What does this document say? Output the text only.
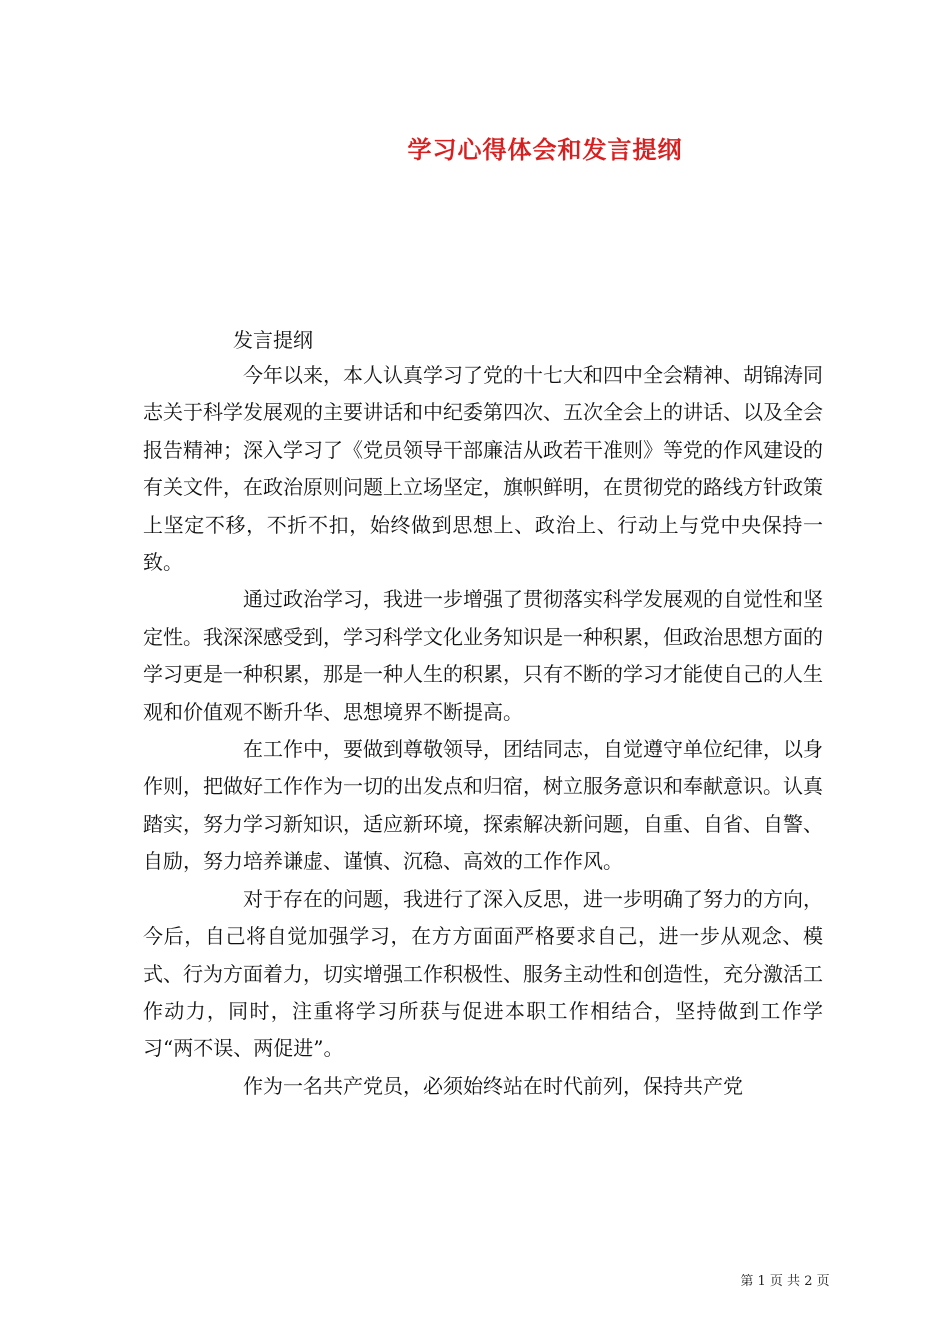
学习心得体会和发言提纲
发言提纲

今年以来，本人认真学习了党的十七大和四中全会精神、胡锦涛同志关于科学发展观的主要讲话和中纪委第四次、五次全会上的讲话、以及全会报告精神；深入学习了《党员领导干部廉洁从政若干准则》等党的作风建设的有关文件，在政治原则问题上立场坚定，旗帜鲜明，在贯彻党的路线方针政策上坚定不移，不折不扣，始终做到思想上、政治上、行动上与党中央保持一致。

通过政治学习，我进一步增强了贯彻落实科学发展观的自觉性和坚定性。我深深感受到，学习科学文化业务知识是一种积累，但政治思想方面的学习更是一种积累，那是一种人生的积累，只有不断的学习才能使自己的人生观和价值观不断升华、思想境界不断提高。

在工作中，要做到尊敬领导，团结同志，自觉遵守单位纪律，以身作则，把做好工作作为一切的出发点和归宿，树立服务意识和奉献意识。认真踏实，努力学习新知识，适应新环境，探索解决新问题，自重、自省、自警、自励，努力培养谦虚、谨慎、沉稳、高效的工作作风。

对于存在的问题，我进行了深入反思，进一步明确了努力的方向，今后，自己将自觉加强学习，在方方面面严格要求自己，进一步从观念、模式、行为方面着力，切实增强工作积极性、服务主动性和创造性，充分激活工作动力，同时，注重将学习所获与促进本职工作相结合，坚持做到工作学习“两不误、两促进”。

作为一名共产党员，必须始终站在时代前列，保持共产党

第 1 页 共 2 页
